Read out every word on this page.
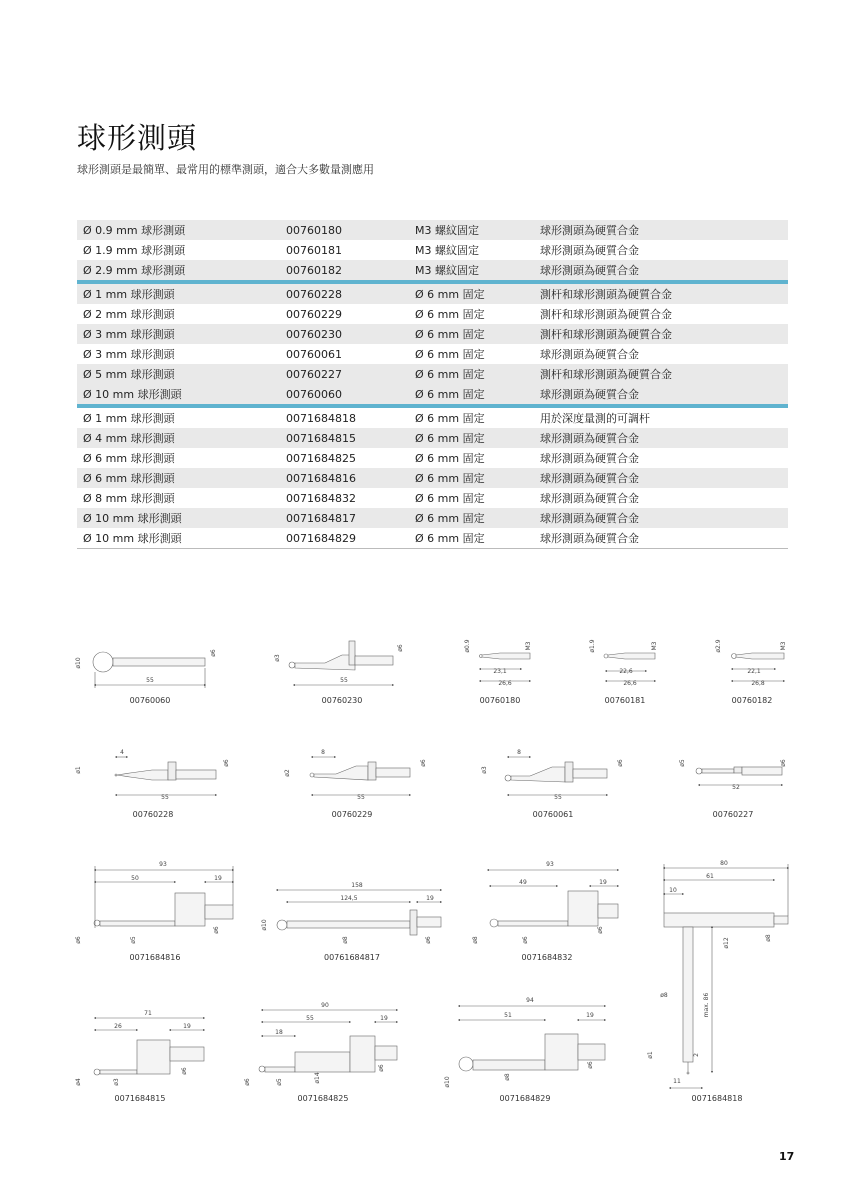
球形測頭
球形測頭是最簡單、最常用的標準測頭，適合大多數量測應用
Ø 0.9 mm 球形測頭	00760180	M3 螺紋固定	球形測頭為硬質合金
Ø 1.9 mm 球形測頭	00760181	M3 螺紋固定	球形測頭為硬質合金
Ø 2.9 mm 球形測頭	00760182	M3 螺紋固定	球形測頭為硬質合金
Ø 1 mm 球形測頭	00760228	Ø 6 mm 固定	測杆和球形測頭為硬質合金
Ø 2 mm 球形測頭	00760229	Ø 6 mm 固定	測杆和球形測頭為硬質合金
Ø 3 mm 球形測頭	00760230	Ø 6 mm 固定	測杆和球形測頭為硬質合金
Ø 3 mm 球形測頭	00760061	Ø 6 mm 固定	球形測頭為硬質合金
Ø 5 mm 球形測頭	00760227	Ø 6 mm 固定	測杆和球形測頭為硬質合金
Ø 10 mm 球形測頭	00760060	Ø 6 mm 固定	球形測頭為硬質合金
Ø 1 mm 球形測頭	0071684818	Ø 6 mm 固定	用於深度量測的可調杆
Ø 4 mm 球形測頭	0071684815	Ø 6 mm 固定	球形測頭為硬質合金
Ø 6 mm 球形測頭	0071684825	Ø 6 mm 固定	球形測頭為硬質合金
Ø 6 mm 球形測頭	0071684816	Ø 6 mm 固定	球形測頭為硬質合金
Ø 8 mm 球形測頭	0071684832	Ø 6 mm 固定	球形測頭為硬質合金
Ø 10 mm 球形測頭	0071684817	Ø 6 mm 固定	球形測頭為硬質合金
Ø 10 mm 球形測頭	0071684829	Ø 6 mm 固定	球形測頭為硬質合金
ø10
ø6
55
00760060
ø3
ø6
55
00760230
ø0.9	M3
23,1
26,6
00760180
ø1.9	M3
22,6
26,6
00760181
ø2.9	M3
22,1
26,8
00760182
ø1
ø6
4
55
00760228
ø2
ø6
8
55
00760229
ø3
ø6
8
55
00760061
ø5	ø6
52
00760227
93
50	19
ø6	ø5
ø6
0071684816
158
124,5	19
ø10
ø8	ø6
00761684817
93
49	19
ø8	ø6
ø6
0071684832
80
61
10
ø12	ø8
ø8	max. 86
ø1	2
11
0071684818
71
26	19
ø4	ø3
ø6
0071684815
90
55
18
19
ø6	ø5	ø14
ø6
0071684825
94
51	19
ø10	ø8
ø6
0071684829
17
